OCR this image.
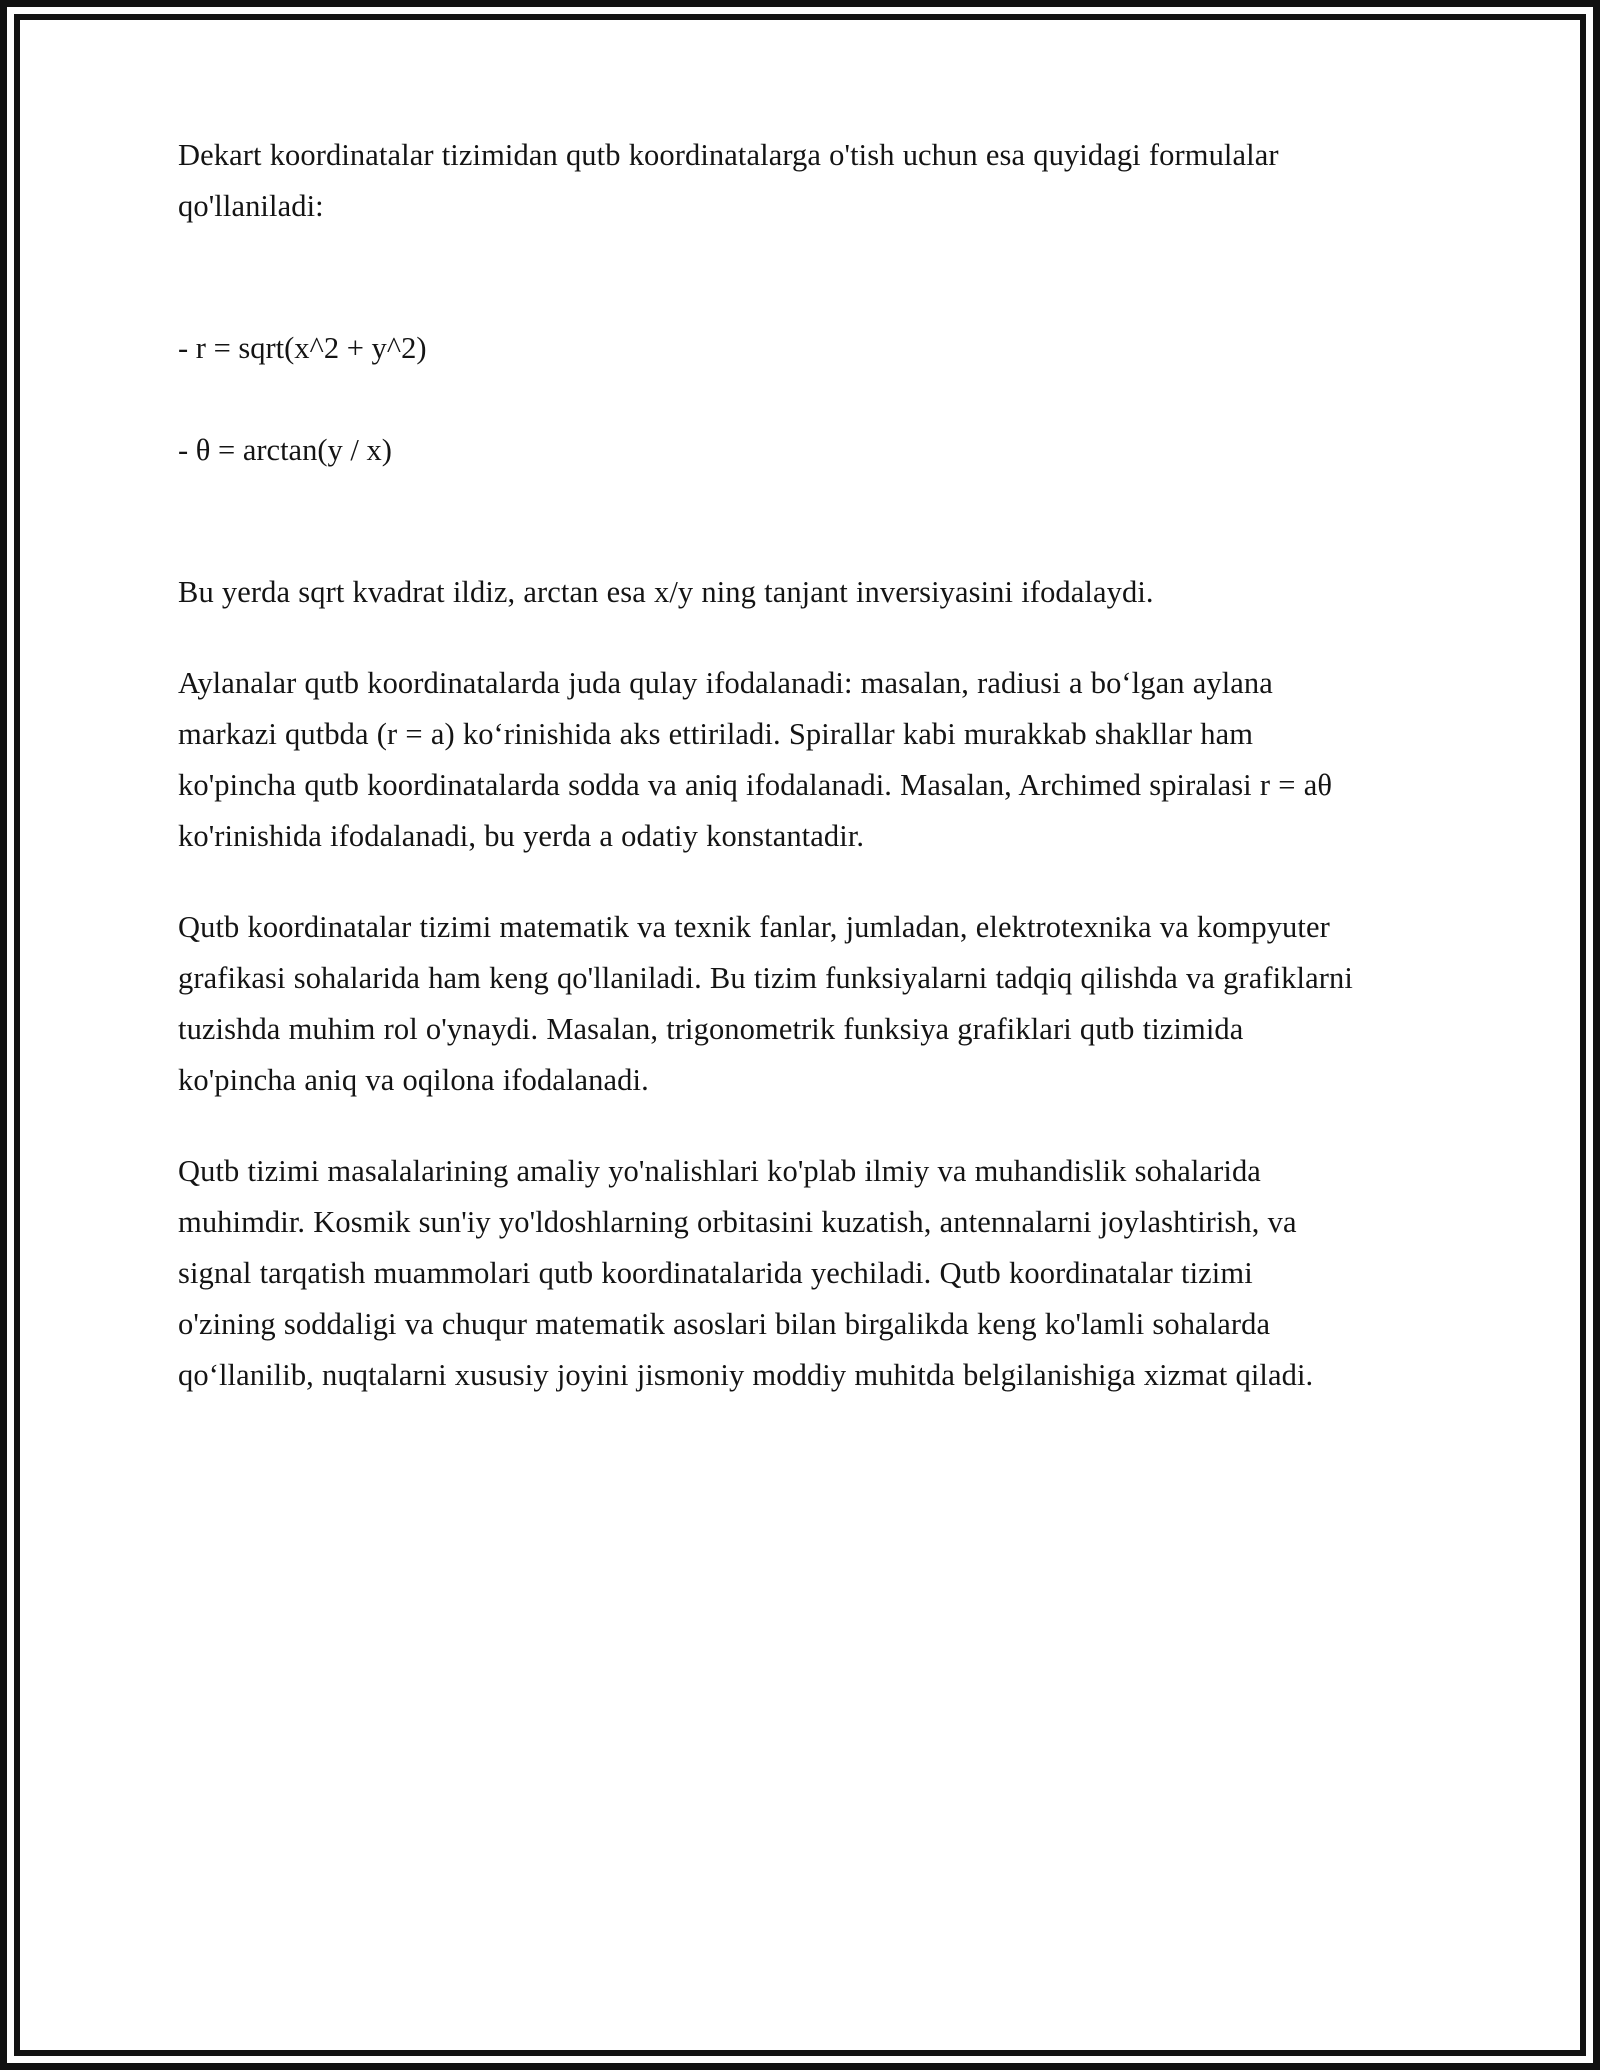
Dekart koordinatalar tizimidan qutb koordinatalarga o'tish uchun esa quyidagi formulalar qo'llaniladi:

- r = sqrt(x^2 + y^2)

- θ = arctan(y / x)

Bu yerda sqrt kvadrat ildiz, arctan esa x/y ning tanjant inversiyasini ifodalaydi.

Aylanalar qutb koordinatalarda juda qulay ifodalanadi: masalan, radiusi a bo‘lgan aylana markazi qutbda (r = a) ko‘rinishida aks ettiriladi. Spirallar kabi murakkab shakllar ham ko'pincha qutb koordinatalarda sodda va aniq ifodalanadi. Masalan, Archimed spiralasi r = aθ ko'rinishida ifodalanadi, bu yerda a odatiy konstantadir.

Qutb koordinatalar tizimi matematik va texnik fanlar, jumladan, elektrotexnika va kompyuter grafikasi sohalarida ham keng qo'llaniladi. Bu tizim funksiyalarni tadqiq qilishda va grafiklarni tuzishda muhim rol o'ynaydi. Masalan, trigonometrik funksiya grafiklari qutb tizimida ko'pincha aniq va oqilona ifodalanadi.

Qutb tizimi masalalarining amaliy yo'nalishlari ko'plab ilmiy va muhandislik sohalarida muhimdir. Kosmik sun'iy yo'ldoshlarning orbitasini kuzatish, antennalarni joylashtirish, va signal tarqatish muammolari qutb koordinatalarida yechiladi. Qutb koordinatalar tizimi o'zining soddaligi va chuqur matematik asoslari bilan birgalikda keng ko'lamli sohalarda qo‘llanilib, nuqtalarni xususiy joyini jismoniy moddiy muhitda belgilanishiga xizmat qiladi.
